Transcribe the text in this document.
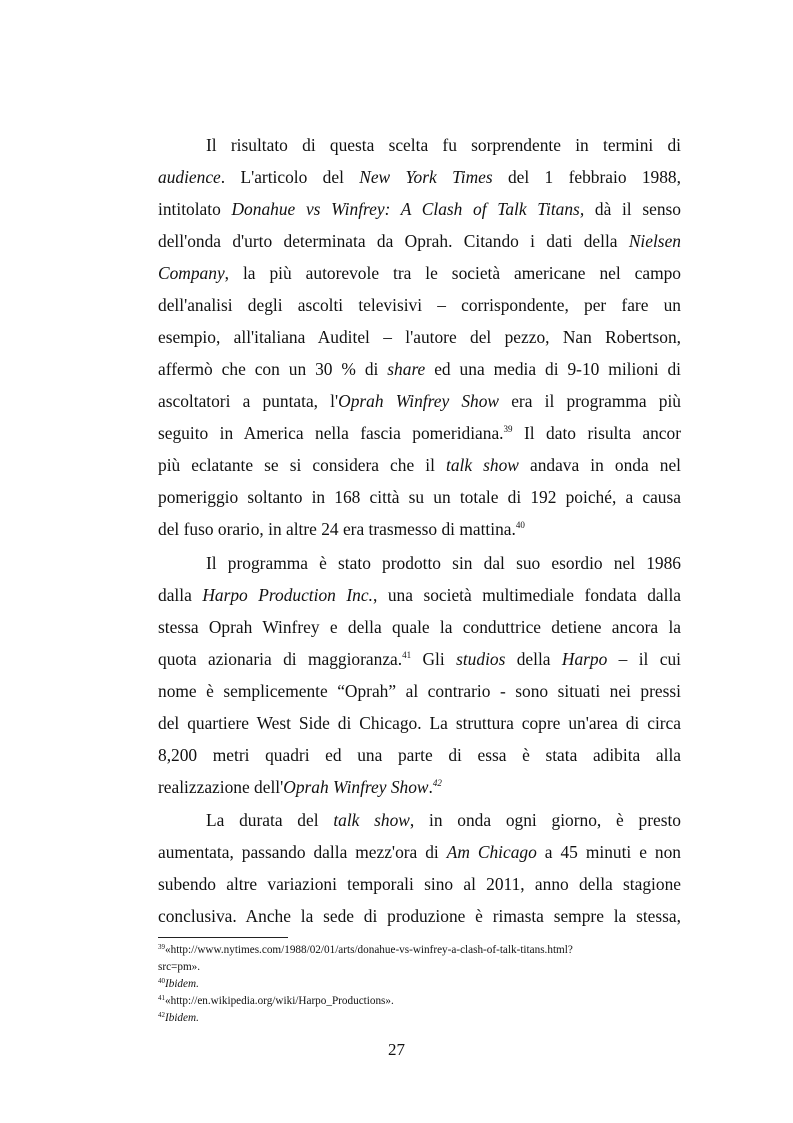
Il risultato di questa scelta fu sorprendente in termini di
audience. L'articolo del New York Times del 1 febbraio 1988,
intitolato Donahue vs Winfrey: A Clash of Talk Titans, dà il senso
dell'onda d'urto determinata da Oprah. Citando i dati della Nielsen
Company, la più autorevole tra le società americane nel campo
dell'analisi degli ascolti televisivi – corrispondente, per fare un
esempio, all'italiana Auditel – l'autore del pezzo, Nan Robertson,
affermò che con un 30 % di share ed una media di 9-10 milioni di
ascoltatori a puntata, l'Oprah Winfrey Show era il programma più
seguito in America nella fascia pomeridiana.$^{39}$ Il dato risulta ancor
più eclatante se si considera che il talk show andava in onda nel
pomeriggio soltanto in 168 città su un totale di 192 poiché, a causa
del fuso orario, in altre 24 era trasmesso di mattina.$^{40}$
Il programma è stato prodotto sin dal suo esordio nel 1986
dalla Harpo Production Inc., una società multimediale fondata dalla
stessa Oprah Winfrey e della quale la conduttrice detiene ancora la
quota azionaria di maggioranza.$^{41}$ Gli studios della Harpo – il cui
nome è semplicemente “Oprah” al contrario - sono situati nei pressi
del quartiere West Side di Chicago. La struttura copre un'area di circa
8,200 metri quadri ed una parte di essa è stata adibita alla
realizzazione dell'Oprah Winfrey Show.$^{42}$
La durata del talk show, in onda ogni giorno, è presto
aumentata, passando dalla mezz'ora di Am Chicago a 45 minuti e non
subendo altre variazioni temporali sino al 2011, anno della stagione
conclusiva. Anche la sede di produzione è rimasta sempre la stessa,
$^{39}$«http://www.nytimes.com/1988/02/01/arts/donahue-vs-winfrey-a-clash-of-talk-titans.html?
src=pm».
$^{40}$Ibidem.
$^{41}$«http://en.wikipedia.org/wiki/Harpo_Productions».
$^{42}$Ibidem.
27
